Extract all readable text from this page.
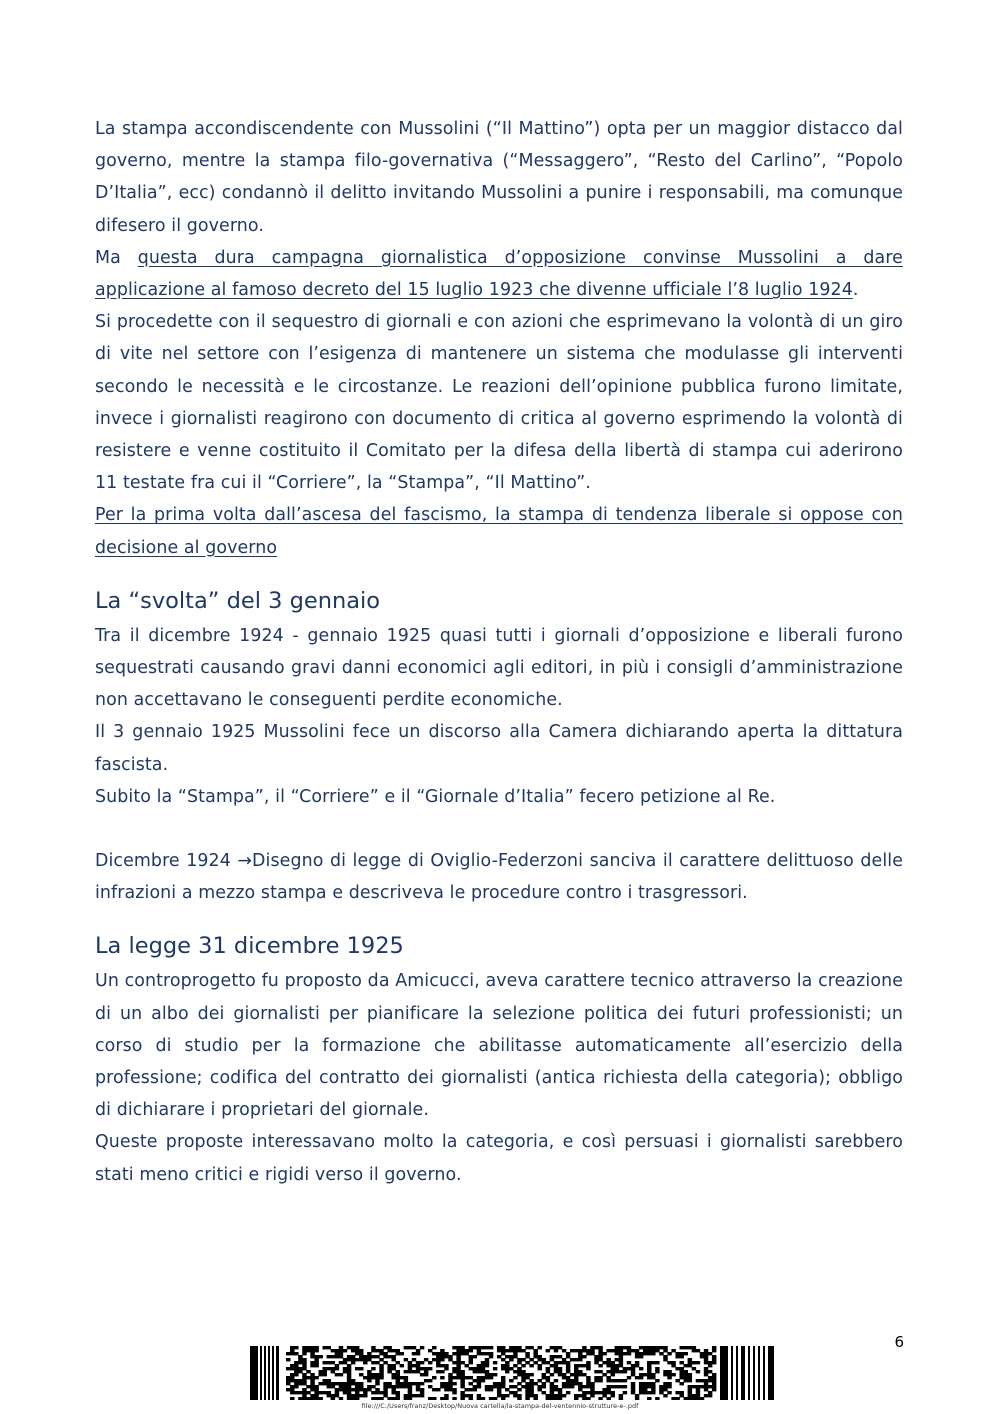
La stampa accondiscendente con Mussolini (“Il Mattino”) opta per un maggior distacco dal governo, mentre la stampa filo-governativa (“Messaggero”, “Resto del Carlino”, “Popolo D’Italia”, ecc) condannò il delitto invitando Mussolini a punire i responsabili, ma comunque difesero il governo.

Ma questa dura campagna giornalistica d’opposizione convinse Mussolini a dare applicazione al famoso decreto del 15 luglio 1923 che divenne ufficiale l’8 luglio 1924.

Si procedette con il sequestro di giornali e con azioni che esprimevano la volontà di un giro di vite nel settore con l’esigenza di mantenere un sistema che modulasse gli interventi secondo le necessità e le circostanze. Le reazioni dell’opinione pubblica furono limitate, invece i giornalisti reagirono con documento di critica al governo esprimendo la volontà di resistere e venne costituito il Comitato per la difesa della libertà di stampa cui aderirono 11 testate fra cui il “Corriere”, la “Stampa”, “Il Mattino”.

Per la prima volta dall’ascesa del fascismo, la stampa di tendenza liberale si oppose con decisione al governo

La “svolta” del 3 gennaio

Tra il dicembre 1924 - gennaio 1925 quasi tutti i giornali d’opposizione e liberali furono sequestrati causando gravi danni economici agli editori, in più i consigli d’amministrazione non accettavano le conseguenti perdite economiche.

Il 3 gennaio 1925 Mussolini fece un discorso alla Camera dichiarando aperta la dittatura fascista.

Subito la “Stampa”, il “Corriere” e il “Giornale d’Italia” fecero petizione al Re.

Dicembre 1924 →Disegno di legge di Oviglio-Federzoni sanciva il carattere delittuoso delle infrazioni a mezzo stampa e descriveva le procedure contro i trasgressori.

La legge 31 dicembre 1925

Un controprogetto fu proposto da Amicucci, aveva carattere tecnico attraverso la creazione di un albo dei giornalisti per pianificare la selezione politica dei futuri professionisti; un corso di studio per la formazione che abilitasse automaticamente all’esercizio della professione; codifica del contratto dei giornalisti (antica richiesta della categoria); obbligo di dichiarare i proprietari del giornale.

Queste proposte interessavano molto la categoria, e così persuasi i giornalisti sarebbero stati meno critici e rigidi verso il governo.

6
file:///C:/Users/franz/Desktop/Nuova cartella/la-stampa-del-ventennio-strutture-e-.pdf
